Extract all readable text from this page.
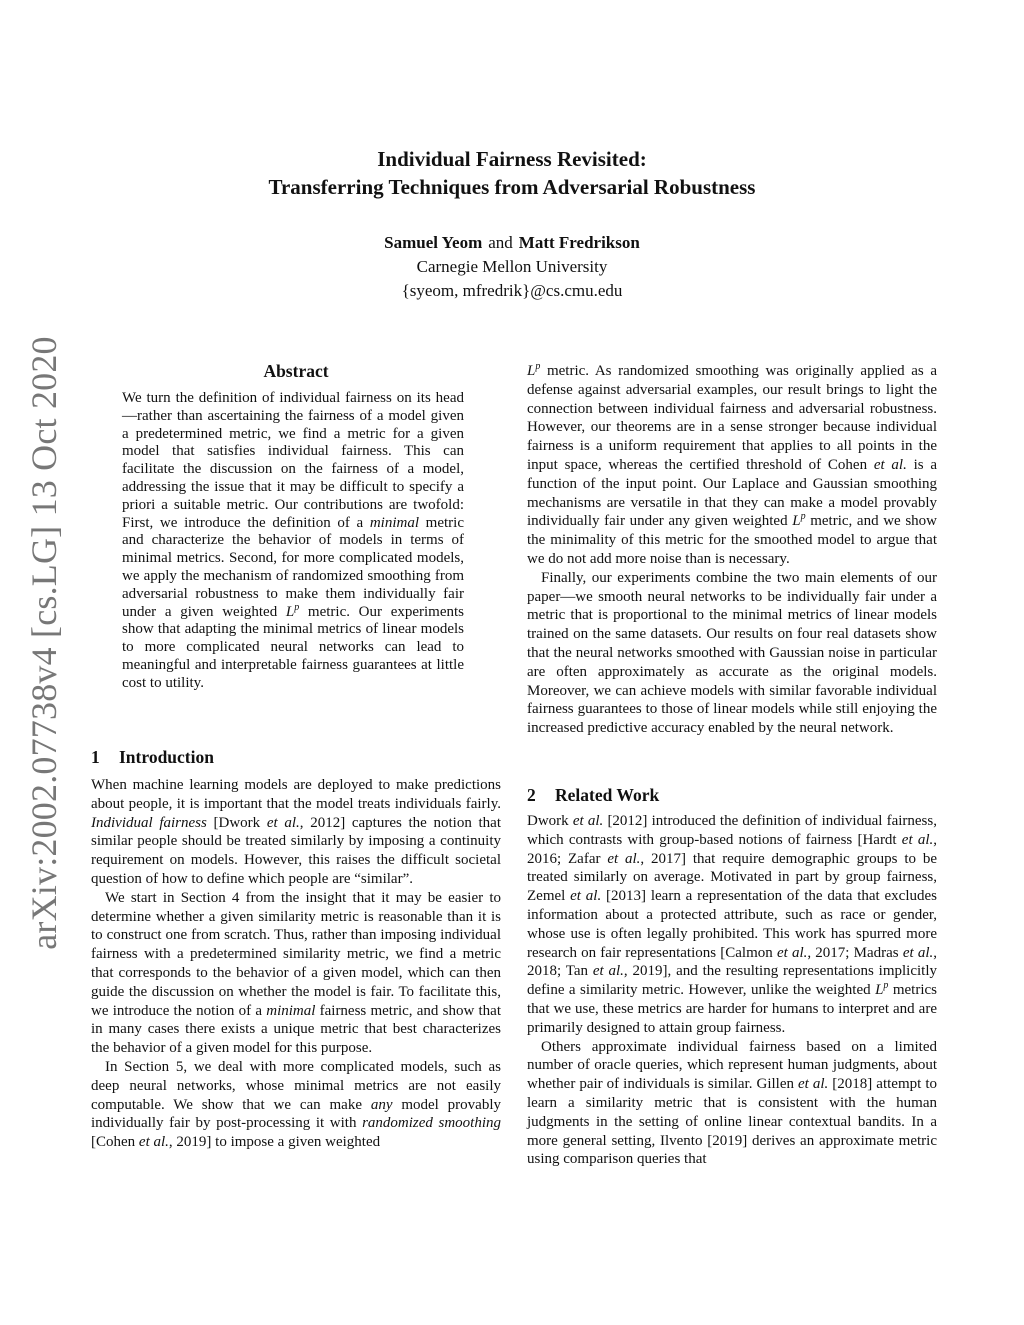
arXiv:2002.07738v4 [cs.LG] 13 Oct 2020

Individual Fairness Revisited:

Transferring Techniques from Adversarial Robustness

Samuel Yeom and Matt Fredrikson
Carnegie Mellon University
{syeom, mfredrik}@cs.cmu.edu
Abstract
We turn the definition of individual fairness on its head—rather than ascertaining the fairness of a model given a predetermined metric, we find a metric for a given model that satisfies individual fairness. This can facilitate the discussion on the fairness of a model, addressing the issue that it may be difficult to specify a priori a suitable metric. Our contributions are twofold: First, we introduce the definition of a minimal metric and characterize the behavior of models in terms of minimal metrics. Second, for more complicated models, we apply the mechanism of randomized smoothing from adversarial robustness to make them individually fair under a given weighted $L^p$ metric. Our experiments show that adapting the minimal metrics of linear models to more complicated neural networks can lead to meaningful and interpretable fairness guarantees at little cost to utility.
1 Introduction

When machine learning models are deployed to make predictions about people, it is important that the model treats individuals fairly. Individual fairness [Dwork et al., 2012] captures the notion that similar people should be treated similarly by imposing a continuity requirement on models. However, this raises the difficult societal question of how to define which people are “similar”.

We start in Section 4 from the insight that it may be easier to determine whether a given similarity metric is reasonable than it is to construct one from scratch. Thus, rather than imposing individual fairness with a predetermined similarity metric, we find a metric that corresponds to the behavior of a given model, which can then guide the discussion on whether the model is fair. To facilitate this, we introduce the notion of a minimal fairness metric, and show that in many cases there exists a unique metric that best characterizes the behavior of a given model for this purpose.

In Section 5, we deal with more complicated models, such as deep neural networks, whose minimal metrics are not easily computable. We show that we can make any model provably individually fair by post-processing it with randomized smoothing [Cohen et al., 2019] to impose a given weighted

$L^p$ metric. As randomized smoothing was originally applied as a defense against adversarial examples, our result brings to light the connection between individual fairness and adversarial robustness. However, our theorems are in a sense stronger because individual fairness is a uniform requirement that applies to all points in the input space, whereas the certified threshold of Cohen et al. is a function of the input point. Our Laplace and Gaussian smoothing mechanisms are versatile in that they can make a model provably individually fair under any given weighted $L^p$ metric, and we show the minimality of this metric for the smoothed model to argue that we do not add more noise than is necessary.

Finally, our experiments combine the two main elements of our paper—we smooth neural networks to be individually fair under a metric that is proportional to the minimal metrics of linear models trained on the same datasets. Our results on four real datasets show that the neural networks smoothed with Gaussian noise in particular are often approximately as accurate as the original models. Moreover, we can achieve models with similar favorable individual fairness guarantees to those of linear models while still enjoying the increased predictive accuracy enabled by the neural network.

2 Related Work

Dwork et al. [2012] introduced the definition of individual fairness, which contrasts with group-based notions of fairness [Hardt et al., 2016; Zafar et al., 2017] that require demographic groups to be treated similarly on average. Motivated in part by group fairness, Zemel et al. [2013] learn a representation of the data that excludes information about a protected attribute, such as race or gender, whose use is often legally prohibited. This work has spurred more research on fair representations [Calmon et al., 2017; Madras et al., 2018; Tan et al., 2019], and the resulting representations implicitly define a similarity metric. However, unlike the weighted $L^p$ metrics that we use, these metrics are harder for humans to interpret and are primarily designed to attain group fairness.

Others approximate individual fairness based on a limited number of oracle queries, which represent human judgments, about whether pair of individuals is similar. Gillen et al. [2018] attempt to learn a similarity metric that is consistent with the human judgments in the setting of online linear contextual bandits. In a more general setting, Ilvento [2019] derives an approximate metric using comparison queries that
